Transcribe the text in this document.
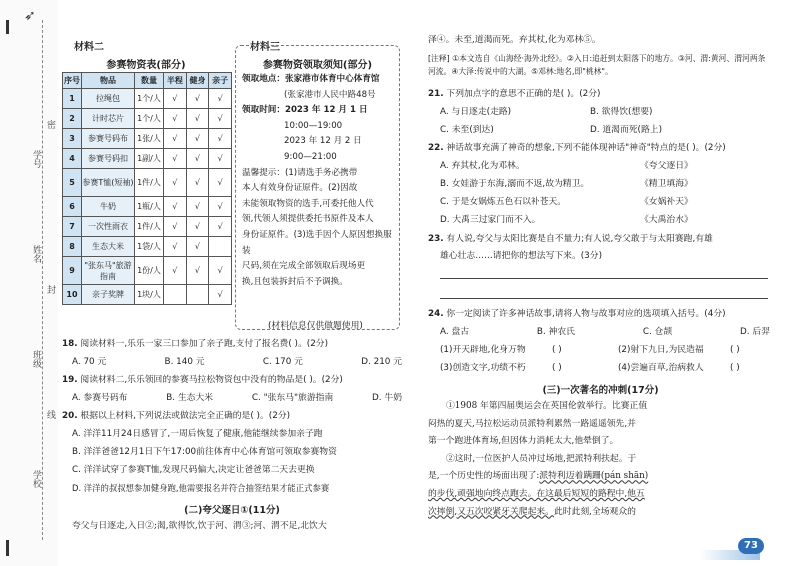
➶
学号
姓名
班级
学校
线
封
密
材料二
参赛物资表(部分)
序号	物品	数量	半程	健身	亲子
1	拉绳包	1个/人	√	√	√
2	计时芯片	1个/人	√	√	√
3	参赛号码布	1张/人	√	√	√
4	参赛号码扣	1副/人	√	√	√
5	参赛T恤(短袖)	1件/人	√	√	√
6	牛奶	1瓶/人	√	√	√
7	一次性雨衣	1件/人	√	√	√
8	生态大米	1袋/人	√	√	
9	"张东马"旅游指南	1份/人	√	√	√
10	亲子奖牌	1块/人			√
材料三
参赛物资领取须知(部分)
领取地点：张家港市体育中心体育馆
(张家港市人民中路48号
领取时间：2023 年 12 月 1 日
10:00—19:00
2023 年 12 月 2 日
9:00—21:00
温馨提示：(1)请选手务必携带
本人有效身份证原件。(2)因故
未能领取物资的选手,可委托他人代
领,代领人须提供委托书原件及本人
身份证原件。(3)选手因个人原因想换服装
尺码,须在完成全部领取后现场更
换,且包装拆封后不予调换。
(材料信息仅供做题使用)
18. 阅读材料一,乐乐一家三口参加了亲子跑,支付了报名费( )。(2分)
A. 70 元	B. 140 元	C. 170 元	D. 210 元
19. 阅读材料二,乐乐领回的参赛马拉松物资包中没有的物品是( )。(2分)
A. 参赛号码布	B. 生态大米	C. "张东马"旅游指南	D. 牛奶
20. 根据以上材料,下列说法或做法完全正确的是( )。(2分)
A. 洋洋11月24日感冒了,一周后恢复了健康,他能继续参加亲子跑
B. 洋洋爸爸12月1日下午17:00前往体育中心体育馆可领取参赛物资
C. 洋洋试穿了参赛T恤,发现尺码偏大,决定让爸爸第二天去更换
D. 洋洋的叔叔想参加健身跑,他需要报名并符合抽签结果才能正式参赛
(二)夸父逐日①(11分)
夸父与日逐走,入日②;渴,欲得饮,饮于河、渭③;河、渭不足,北饮大
泽④。未至,道渴而死。弃其杖,化为邓林⑤。
[注释] ①本文选自《山海经·海外北经》。②入日:追赶到太阳落下的地方。③河、渭:黄河、渭河两条河流。④大泽:传说中的大湖。⑤邓林:地名,即"桃林"。
21. 下列加点字的意思不正确的是( )。(2分)
A. 与日逐走(走路)	B. 欲得饮(想要)
C. 未至(到达)	D. 道渴而死(路上)
22. 神话故事充满了神奇的想象,下列不能体现神话"神奇"特点的是( )。(2分)
A. 弃其杖,化为邓林。	《夸父逐日》
B. 女娃游于东海,溺而不返,故为精卫。	《精卫填海》
C. 于是女娲炼五色石以补苍天。	《女娲补天》
D. 大禹三过家门而不入。	《大禹治水》
23. 有人说,夸父与太阳比赛是自不量力;有人说,夸父敢于与太阳赛跑,有雄
雄心壮志……请把你的想法写下来。(3分)
24. 你一定阅读了许多神话故事,请将人物与故事对应的选项填入括号。(4分)
A. 盘古	B. 神农氏	C. 仓颉	D. 后羿
(1)开天辟地,化身万物	( )	(2)射下九日,为民造福	( )
(3)创造文字,功绩不朽	( )	(4)尝遍百草,治病救人	( )
(三)一次著名的冲刺(17分)
①1908 年第四届奥运会在英国伦敦举行。比赛正值
闷热的夏天,马拉松运动员派特利累然一路遥遥领先,并
第一个跑进体育场,但因体力消耗太大,他晕倒了。
②这时,一位医护人员冲过场地,把派特利扶起。于
是,一个历史性的场面出现了:派特利迈着蹒跚(pán shān)
的步伐,顽强地向终点跑去。在这最后短短的路程中,他五
次摔倒,又五次咬紧牙关爬起来。此时此刻,全场观众的
73
